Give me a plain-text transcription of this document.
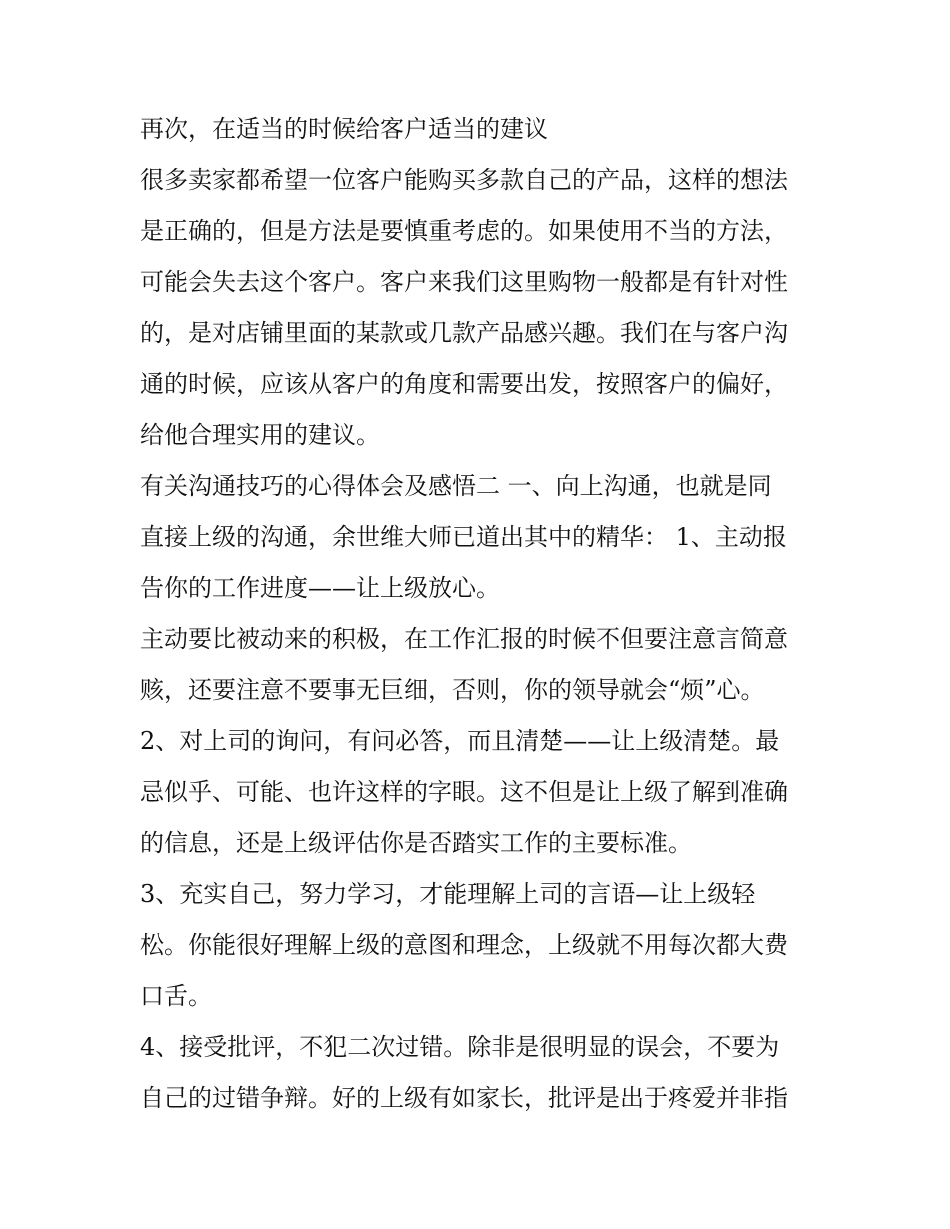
再次，在适当的时候给客户适当的建议
很多卖家都希望一位客户能购买多款自己的产品，这样的想法
是正确的，但是方法是要慎重考虑的。如果使用不当的方法，
可能会失去这个客户。客户来我们这里购物一般都是有针对性
的，是对店铺里面的某款或几款产品感兴趣。我们在与客户沟
通的时候，应该从客户的角度和需要出发，按照客户的偏好，
给他合理实用的建议。
有关沟通技巧的心得体会及感悟二 一、向上沟通，也就是同
直接上级的沟通，余世维大师已道出其中的精华： 1、主动报
告你的工作进度——让上级放心。
主动要比被动来的积极，在工作汇报的时候不但要注意言简意
赅，还要注意不要事无巨细，否则，你的领导就会“烦”心。
2、对上司的询问，有问必答，而且清楚——让上级清楚。最
忌似乎、可能、也许这样的字眼。这不但是让上级了解到准确
的信息，还是上级评估你是否踏实工作的主要标准。
3、充实自己，努力学习，才能理解上司的言语—让上级轻
松。你能很好理解上级的意图和理念，上级就不用每次都大费
口舌。
4、接受批评，不犯二次过错。除非是很明显的误会，不要为
自己的过错争辩。好的上级有如家长，批评是出于疼爱并非指
